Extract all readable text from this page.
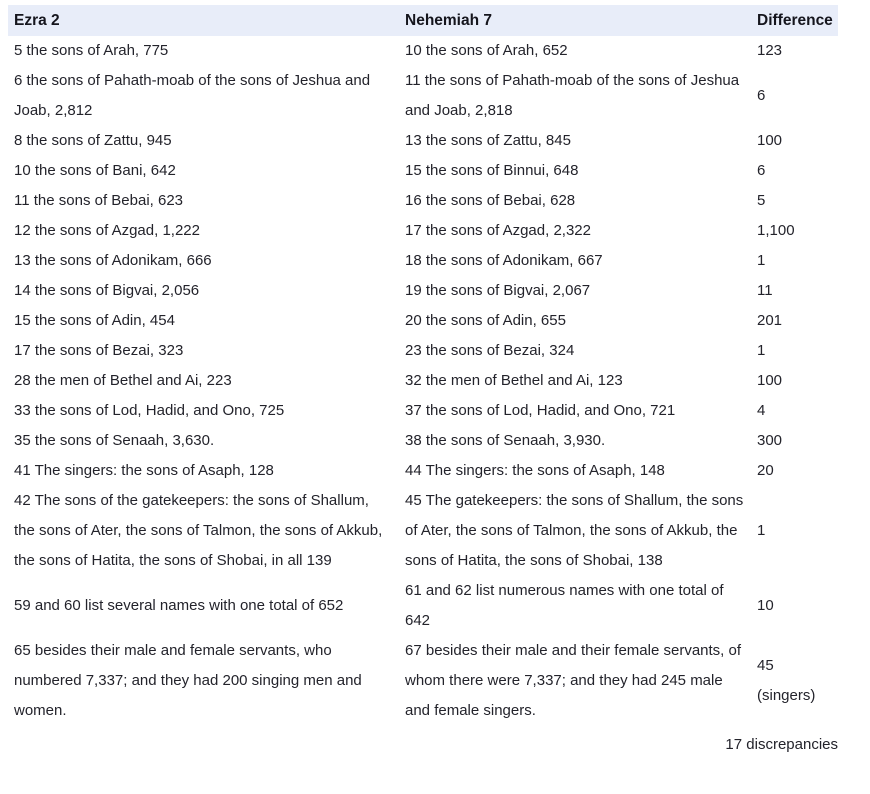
Ezra 2	Nehemiah 7	Difference
5 the sons of Arah, 775	10 the sons of Arah, 652	123
6 the sons of Pahath-moab of the sons of Jeshua and Joab, 2,812	11 the sons of Pahath-moab of the sons of Jeshua and Joab, 2,818	6
8 the sons of Zattu, 945	13 the sons of Zattu, 845	100
10 the sons of Bani, 642	15 the sons of Binnui, 648	6
11 the sons of Bebai, 623	16 the sons of Bebai, 628	5
12 the sons of Azgad, 1,222	17 the sons of Azgad, 2,322	1,100
13 the sons of Adonikam, 666	18 the sons of Adonikam, 667	1
14 the sons of Bigvai, 2,056	19 the sons of Bigvai, 2,067	11
15 the sons of Adin, 454	20 the sons of Adin, 655	201
17 the sons of Bezai, 323	23 the sons of Bezai, 324	1
28 the men of Bethel and Ai, 223	32 the men of Bethel and Ai, 123	100
33 the sons of Lod, Hadid, and Ono, 725	37 the sons of Lod, Hadid, and Ono, 721	4
35 the sons of Senaah, 3,630.	38 the sons of Senaah, 3,930.	300
41 The singers: the sons of Asaph, 128	44 The singers: the sons of Asaph, 148	20
42 The sons of the gatekeepers: the sons of Shallum, the sons of Ater, the sons of Talmon, the sons of Akkub, the sons of Hatita, the sons of Shobai, in all 139	45 The gatekeepers: the sons of Shallum, the sons of Ater, the sons of Talmon, the sons of Akkub, the sons of Hatita, the sons of Shobai, 138	1
59 and 60 list several names with one total of 652	61 and 62 list numerous names with one total of 642	10
65 besides their male and female servants, who numbered 7,337; and they had 200 singing men and women.	67 besides their male and their female servants, of whom there were 7,337; and they had 245 male and female singers.	45 (singers)
17 discrepancies
